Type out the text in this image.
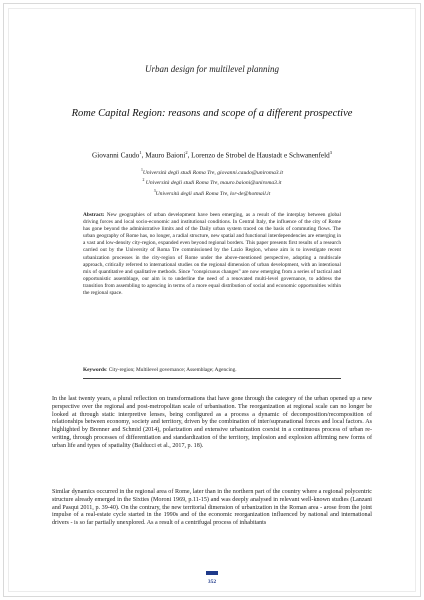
Urban design for multilevel planning
Rome Capital Region: reasons and scope of a different prospective
Giovanni Caudo$^1$, Mauro Baioni$^2$, Lorenzo de Strobel de Haustadt e Schwanenfeld$^3$
$^1$Università degli studi Roma Tre, giovanni.caudo@uniroma3.it
$^2$ Università degli studi Roma Tre, mauro.baioni@uniroma3.it
$^3$Università degli studi Roma Tre, lor-de@hotmail.it
Abstract: New geographies of urban development have been emerging, as a result of the interplay between global driving forces and local socio-economic and institutional conditions. In Central Italy, the influence of the city of Rome has gone beyond the administrative limits and of the Daily urban system traced on the basis of commuting flows. The urban geography of Rome has, no longer, a radial structure, new spatial and functional interdependencies are emerging in a vast and low-density city-region, expanded even beyond regional borders. This paper presents first results of a research carried out by the University of Roma Tre commissioned by the Lazio Region, whose aim is to investigate recent urbanization processes in the city-region of Rome under the above-mentioned perspective, adopting a multiscale approach, critically referred to international studies on the regional dimension of urban development, with an intentional mix of quantitative and qualitative methods. Since "conspicuous changes" are now emerging from a series of tactical and opportunistic assemblage, our aim is to underline the need of a renovated multi-level governance, to address the transition from assembling to agencing in terms of a more equal distribution of social and economic opportunities within the regional space.
Keywords: City-region; Multilevel governance; Assemblage; Agencing.
In the last twenty years, a plural reflection on transformations that have gone through the category of the urban opened up a new perspective over the regional and post-metropolitan scale of urbanisation. The reorganization at regional scale can no longer be looked at through static interpretive lenses, being configured as a process a dynamic of decomposition/recomposition of relationships between economy, society and territory, driven by the combination of inter/supranational forces and local factors. As highlighted by Brenner and Schmid (2014), polarization and extensive urbanization coexist in a continuous process of urban re-writing, through processes of differentiation and standardization of the territory, implosion and explosion affirming new forms of urban life and types of spatiality (Balducci et al., 2017, p. 18).
Similar dynamics occurred in the regional area of Rome, later than in the northern part of the country where a regional polycentric structure already emerged in the Sixties (Moroni 1969, p.11-15) and was deeply analysed in relevant well-known studies (Lanzani and Pasqui 2011, p. 39-40). On the contrary, the new territorial dimension of urbanization in the Roman area - arose from the joint impulse of a real-estate cycle started in the 1990s and of the economic reorganization influenced by national and international drivers - is so far partially unexplored. As a result of a centrifugal process of inhabitants
352
